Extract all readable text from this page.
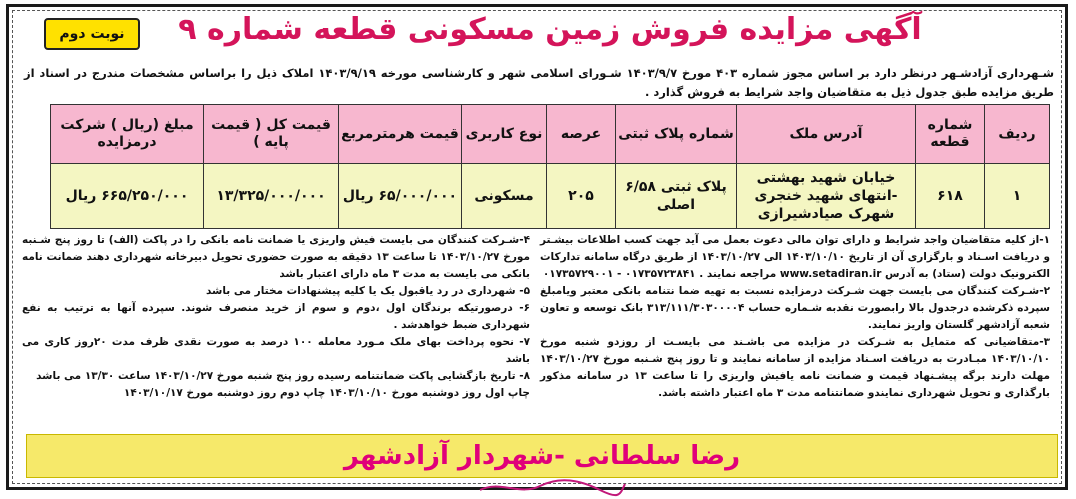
نوبت دوم	آگهی مزایده فروش زمین مسکونی قطعه شماره ۹
شـهرداری آزادشـهر درنظر دارد بر اساس مجوز شماره ۴۰۳ مورخ ۱۴۰۳/۹/۷ شـورای اسلامی شهر و کارشناسی مورخه ۱۴۰۳/۹/۱۹ املاک ذیل را براساس مشخصات مندرج در اسناد از طریق مزایده طبق جدول ذیل به متقاضیان واجد شرایط به فروش گذارد .
ردیف	شماره قطعه	آدرس ملک	شماره پلاک ثبتی	عرصه	نوع کاربری	قیمت هرمترمربع	قیمت کل ( قیمت پایه )	مبلغ (ریال ) شرکت درمزایده
۱	۶۱۸	خیابان شهید بهشتی -انتهای شهید خنجری شهرک صیادشیرازی	پلاک ثبتی ۶/۵۸ اصلی	۲۰۵	مسکونی	۶۵/۰۰۰/۰۰۰ ریال	۱۳/۳۲۵/۰۰۰/۰۰۰	۶۶۵/۲۵۰/۰۰۰ ریال

۱-از کلیه متقاضیان واجد شرایط و دارای توان مالی دعوت بعمل می آید جهت کسب اطلاعات بیشـتر و دریافت اسـناد و بارگزاری آن از تاریخ ۱۴۰۳/۱۰/۱۰ الی ۱۴۰۳/۱۰/۲۷ از طریق درگاه سامانه تدارکات الکترونیک دولت (ستاد) به آدرس www.setadiran.ir مراجعه نمایند . ۰۱۷۳۵۷۲۳۸۴۱ - ۰۱۷۳۵۷۲۹۰۰۱

۲-شـرکت کنندگان می بایست جهت شـرکت درمزایده نسبت به تهیه ضما نتنامه بانکی معتبر ویامبلغ سپرده ذکرشده درجدول بالا رابصورت نقدبه شـماره حساب ۳۱۳/۱۱۱/۳۰۳۰۰۰۰۴ بانک توسعه و تعاون شعبه آزادشهر گلستان واریز نمایند.

۳-متقاضیانی که متمایل به شـرکت در مزایده می باشـند می بایسـت از روزدو شنبه مورخ ۱۴۰۳/۱۰/۱۰ مبـادرت به دریافت اسـناد مزایده از سامانه نمایند و تا روز پنج شـنبه مورخ ۱۴۰۳/۱۰/۲۷ مهلت دارند برگه پیشـنهاد قیمت و ضمانت نامه یافیش واریزی را تا ساعت ۱۳ در سامانه مذکور بارگذاری و تحویل شهرداری نمایندو ضمانتنامه مدت ۳ ماه اعتبار داشته باشد.

۴-شـرکت کنندگان می بایست فیش واریزی یا ضمانت نامه بانکی را در پاکت (الف) تا روز پنج شـنبه مورخ ۱۴۰۳/۱۰/۲۷ تا ساعت ۱۳ دقیقه به صورت حضوری تحویل دبیرخانه شهرداری دهند ضمانت نامه بانکی می بایست به مدت ۳ ماه دارای اعتبار باشد

۵- شهرداری در رد یاقبول یک یا کلیه پیشنهادات مختار می باشد

۶- درصورتیکه برندگان اول ،دوم و سوم از خرید منصرف شوند. سپرده آنها به ترتیب به نفع شهرداری ضبط خواهدشد .

۷- نحوه پرداخت بهای ملک مـورد معامله ۱۰۰ درصد به صورت نقدی ظرف مدت ۲۰روز کاری می باشد

۸- تاریخ بازگشایی پاکت ضمانتنامه رسیده روز پنج شنبه مورخ ۱۴۰۳/۱۰/۲۷ ساعت ۱۳/۳۰ می باشد

چاپ اول روز دوشنبه مورخ ۱۴۰۳/۱۰/۱۰ چاپ دوم روز دوشنبه مورخ ۱۴۰۳/۱۰/۱۷

رضا سلطانی -شهردار آزادشهر
